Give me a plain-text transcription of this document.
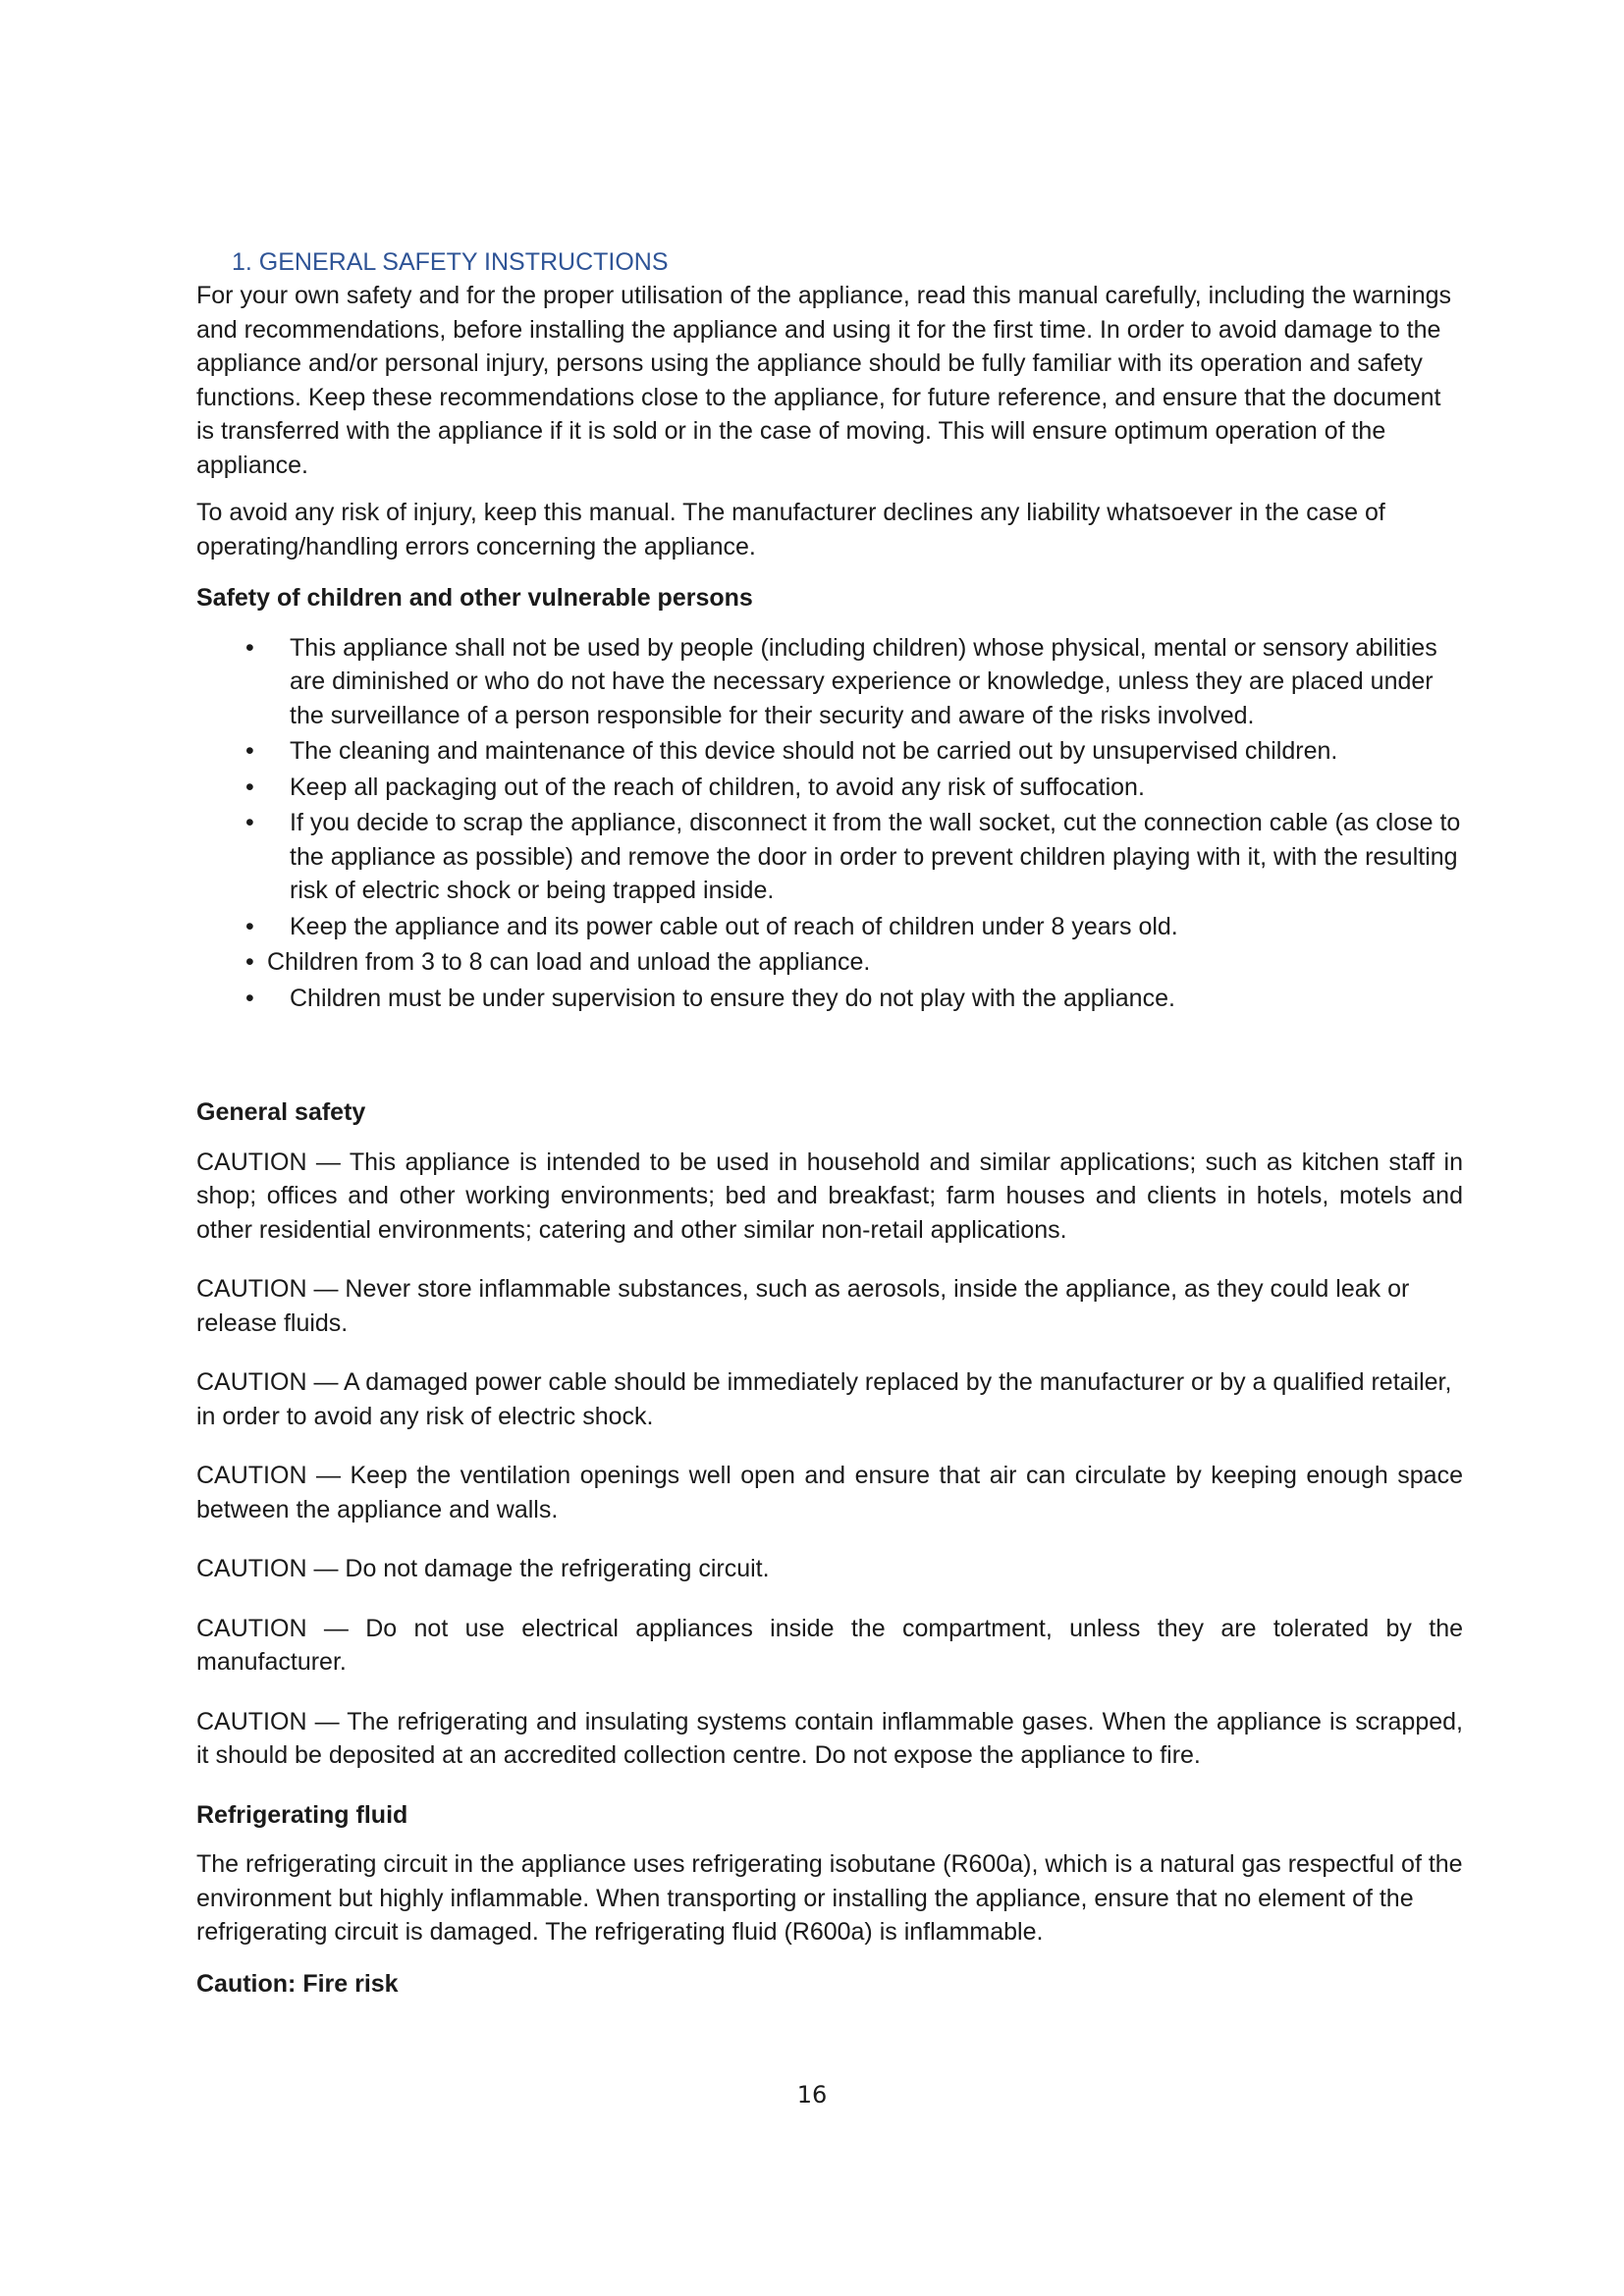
1. GENERAL SAFETY INSTRUCTIONS

For your own safety and for the proper utilisation of the appliance, read this manual carefully, including the warnings and recommendations, before installing the appliance and using it for the first time. In order to avoid damage to the appliance and/or personal injury, persons using the appliance should be fully familiar with its operation and safety functions. Keep these recommendations close to the appliance, for future reference, and ensure that the document is transferred with the appliance if it is sold or in the case of moving. This will ensure optimum operation of the appliance.

To avoid any risk of injury, keep this manual. The manufacturer declines any liability whatsoever in the case of operating/handling errors concerning the appliance.

Safety of children and other vulnerable persons

• This appliance shall not be used by people (including children) whose physical, mental or sensory abilities are diminished or who do not have the necessary experience or knowledge, unless they are placed under the surveillance of a person responsible for their security and aware of the risks involved.
• The cleaning and maintenance of this device should not be carried out by unsupervised children.
• Keep all packaging out of the reach of children, to avoid any risk of suffocation.
• If you decide to scrap the appliance, disconnect it from the wall socket, cut the connection cable (as close to the appliance as possible) and remove the door in order to prevent children playing with it, with the resulting risk of electric shock or being trapped inside.
• Keep the appliance and its power cable out of reach of children under 8 years old.
• Children from 3 to 8 can load and unload the appliance.
• Children must be under supervision to ensure they do not play with the appliance.

General safety

CAUTION — This appliance is intended to be used in household and similar applications; such as kitchen staff in shop; offices and other working environments; bed and breakfast; farm houses and clients in hotels, motels and other residential environments; catering and other similar non-retail applications.

CAUTION — Never store inflammable substances, such as aerosols, inside the appliance, as they could leak or release fluids.

CAUTION — A damaged power cable should be immediately replaced by the manufacturer or by a qualified retailer, in order to avoid any risk of electric shock.

CAUTION — Keep the ventilation openings well open and ensure that air can circulate by keeping enough space between the appliance and walls.

CAUTION — Do not damage the refrigerating circuit.

CAUTION — Do not use electrical appliances inside the compartment, unless they are tolerated by the manufacturer.

CAUTION — The refrigerating and insulating systems contain inflammable gases. When the appliance is scrapped, it should be deposited at an accredited collection centre. Do not expose the appliance to fire.

Refrigerating fluid

The refrigerating circuit in the appliance uses refrigerating isobutane (R600a), which is a natural gas respectful of the environment but highly inflammable. When transporting or installing the appliance, ensure that no element of the refrigerating circuit is damaged. The refrigerating fluid (R600a) is inflammable.

Caution: Fire risk

16
